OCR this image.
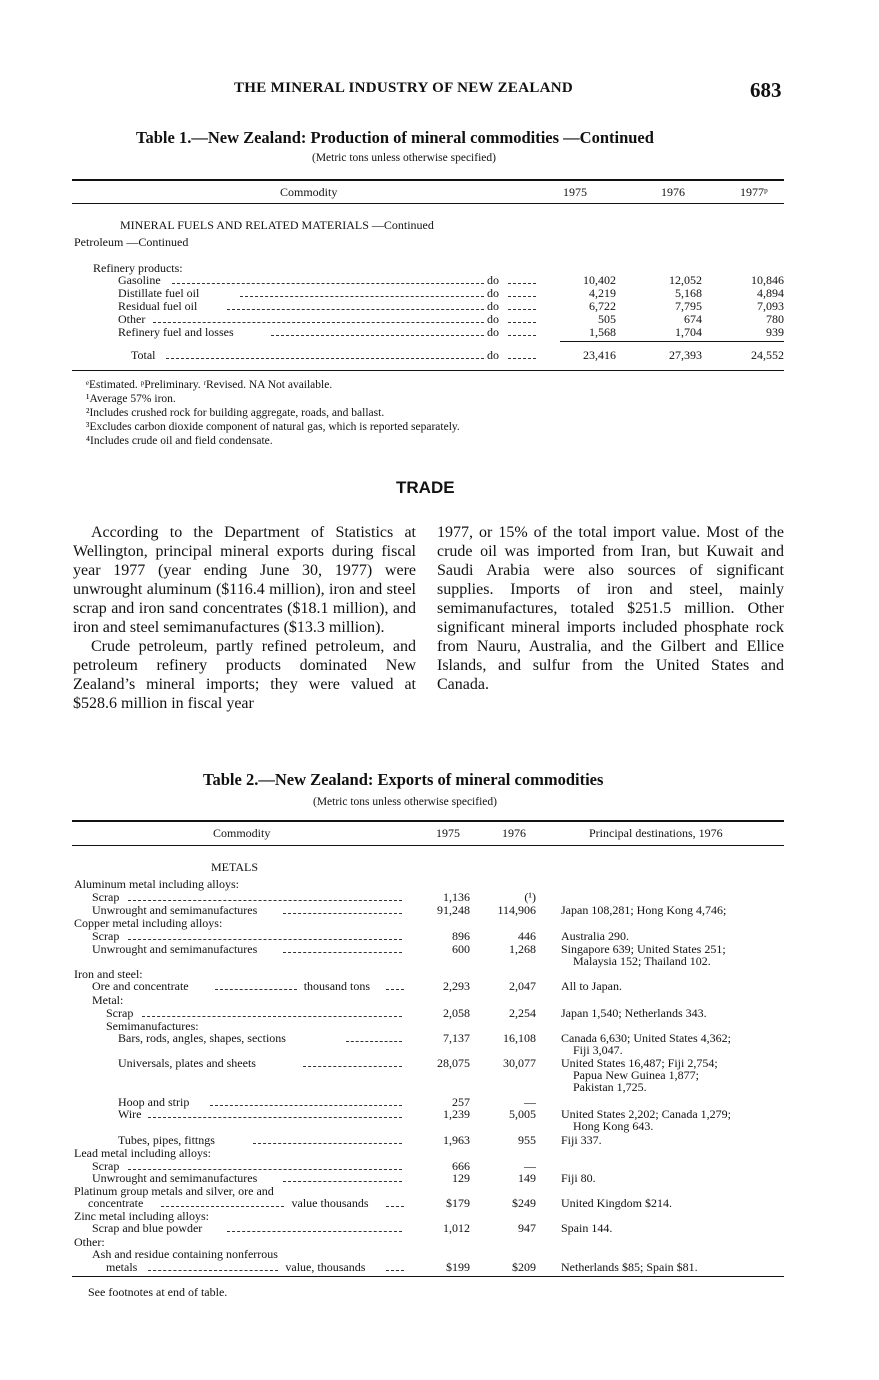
THE MINERAL INDUSTRY OF NEW ZEALAND	683
Table 1.—New Zealand: Production of mineral commodities —Continued
(Metric tons unless otherwise specified)
Commodity	1975	1976	1977ᵖ
MINERAL FUELS AND RELATED MATERIALS —Continued
Petroleum —Continued
Refinery products:
Gasoline	do	10,402	12,052	10,846
Distillate fuel oil	do	4,219	5,168	4,894
Residual fuel oil	do	6,722	7,795	7,093
Other	do	505	674	780
Refinery fuel and losses	do	1,568	1,704	939
Total	do	23,416	27,393	24,552
ᵉEstimated. ᵖPreliminary. ʳRevised. NA Not available.
¹Average 57% iron.
²Includes crushed rock for building aggregate, roads, and ballast.
³Excludes carbon dioxide component of natural gas, which is reported separately.
⁴Includes crude oil and field condensate.
TRADE

According to the Department of Statistics at Wellington, principal mineral exports during fiscal year 1977 (year ending June 30, 1977) were unwrought aluminum ($116.4 million), iron and steel scrap and iron sand concentrates ($18.1 million), and iron and steel semimanufactures ($13.3 million).

Crude petroleum, partly refined petroleum, and petroleum refinery products dominated New Zealand’s mineral imports; they were valued at $528.6 million in fiscal year

1977, or 15% of the total import value. Most of the crude oil was imported from Iran, but Kuwait and Saudi Arabia were also sources of significant supplies. Imports of iron and steel, mainly semimanufactures, totaled $251.5 million. Other significant mineral imports included phosphate rock from Nauru, Australia, and the Gilbert and Ellice Islands, and sulfur from the United States and Canada.

Table 2.—New Zealand: Exports of mineral commodities
(Metric tons unless otherwise specified)
Commodity	1975	1976	Principal destinations, 1976
METALS
Aluminum metal including alloys:
Scrap	1,136	(¹)
Unwrought and semimanufactures	91,248	114,906 Japan 108,281; Hong Kong 4,746;
Copper metal including alloys:
Scrap	896	446 Australia 290.
Unwrought and semimanufactures	600	1,268 Singapore 639; United States 251;
Malaysia 152; Thailand 102.
Iron and steel:
Ore and concentrate	thousand tons	2,293	2,047 All to Japan.
Metal:
Scrap	2,058	2,254 Japan 1,540; Netherlands 343.
Semimanufactures:
Bars, rods, angles, shapes, sections	7,137	16,108 Canada 6,630; United States 4,362;
Fiji 3,047.
Universals, plates and sheets	28,075	30,077 United States 16,487; Fiji 2,754;
Papua New Guinea 1,877;
Pakistan 1,725.
Hoop and strip	257	—
Wire	1,239	5,005 United States 2,202; Canada 1,279;
Hong Kong 643.
Tubes, pipes, fittngs	1,963	955 Fiji 337.
Lead metal including alloys:
Scrap	666	—
Unwrought and semimanufactures	129	149 Fiji 80.
Platinum group metals and silver, ore and
concentrate	value thousands	$179	$249 United Kingdom $214.
Zinc metal including alloys:
Scrap and blue powder	1,012	947 Spain 144.
Other:
Ash and residue containing nonferrous
metals	value, thousands	$199	$209 Netherlands $85; Spain $81.
See footnotes at end of table.
